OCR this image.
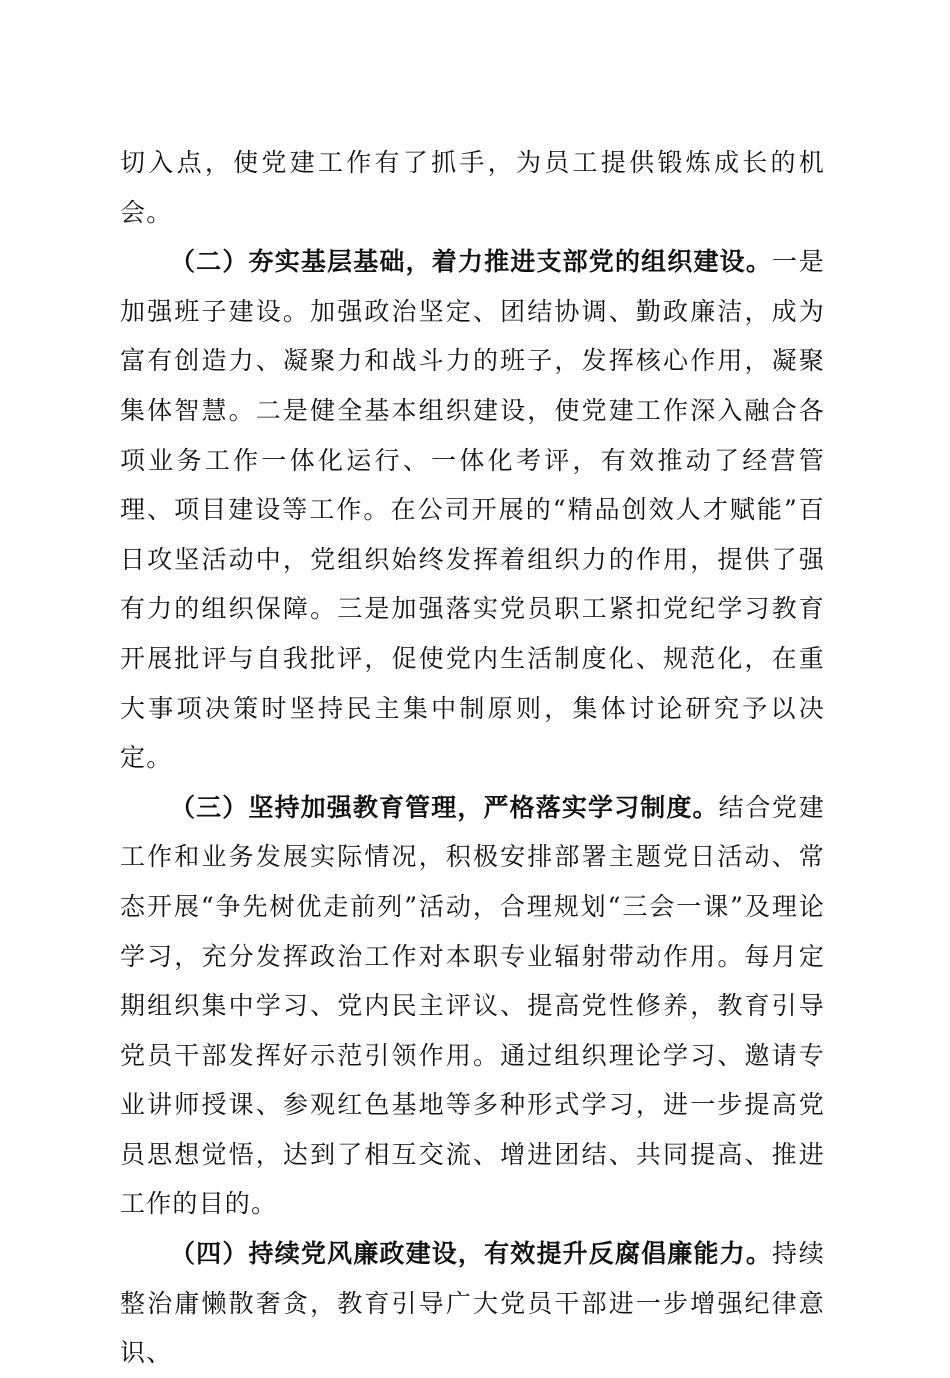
切入点，使党建工作有了抓手，为员工提供锻炼成长的机会。

（二）夯实基层基础，着力推进支部党的组织建设。一是加强班子建设。加强政治坚定、团结协调、勤政廉洁，成为富有创造力、凝聚力和战斗力的班子，发挥核心作用，凝聚集体智慧。二是健全基本组织建设，使党建工作深入融合各项业务工作一体化运行、一体化考评，有效推动了经营管理、项目建设等工作。在公司开展的“精品创效人才赋能”百日攻坚活动中，党组织始终发挥着组织力的作用，提供了强有力的组织保障。三是加强落实党员职工紧扣党纪学习教育开展批评与自我批评，促使党内生活制度化、规范化，在重大事项决策时坚持民主集中制原则，集体讨论研究予以决定。

（三）坚持加强教育管理，严格落实学习制度。结合党建工作和业务发展实际情况，积极安排部署主题党日活动、常态开展“争先树优走前列”活动，合理规划“三会一课”及理论学习，充分发挥政治工作对本职专业辐射带动作用。每月定期组织集中学习、党内民主评议、提高党性修养，教育引导党员干部发挥好示范引领作用。通过组织理论学习、邀请专业讲师授课、参观红色基地等多种形式学习，进一步提高党员思想觉悟，达到了相互交流、增进团结、共同提高、推进工作的目的。

（四）持续党风廉政建设，有效提升反腐倡廉能力。持续整治庸懒散奢贪，教育引导广大党员干部进一步增强纪律意识、
